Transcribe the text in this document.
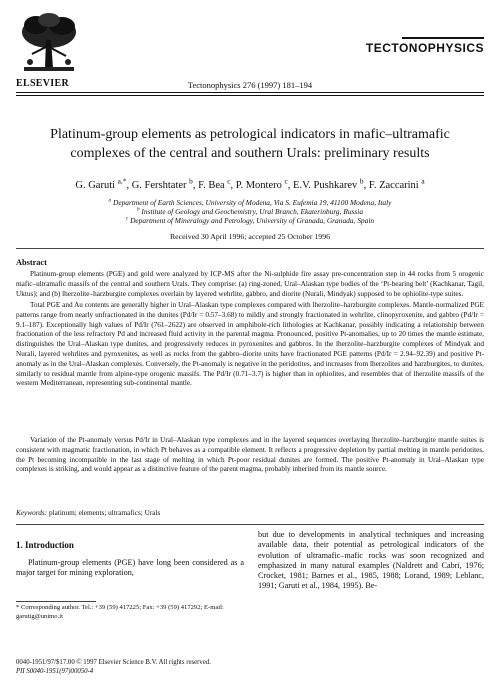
ELSEVIER	Tectonophysics 276 (1997) 181–194
TECTONOPHYSICS
Platinum-group elements as petrological indicators in mafic–ultramafic
complexes of the central and southern Urals: preliminary results
G. Garuti $^{a,*}$, G. Fershtater $^b$, F. Bea $^c$, P. Montero $^c$, E.V. Pushkarev $^b$, F. Zaccarini $^a$
$^a$ Department of Earth Sciences, University of Modena, Via S. Eufemia 19, 41100 Modena, Italy
$^b$ Institute of Geology and Geochemistry, Ural Branch, Ekaterinburg, Russia
$^c$ Department of Mineralogy and Petrology, University of Granada, Granada, Spain
Received 30 April 1996; accepted 25 October 1996
Abstract
Platinum-group elements (PGE) and gold were analyzed by ICP-MS after the Ni-sulphide fire assay pre-concentration step in 44 rocks from 5 orogenic mafic–ultramafic massifs of the central and southern Urals. They comprise: (a) ring-zoned, Ural–Alaskan type bodies of the ‘Pt-bearing belt’ (Kachkanar, Tagil, Uktus); and (b) lherzolite–harzburgite complexes overlain by layered wehrlite, gabbro, and diorite (Nurali, Mindyak) supposed to be ophiolite-type suites.
Total PGE and Au contents are generally higher in Ural–Alaskan type complexes compared with lherzolite–harzburgite complexes. Mantle-normalized PGE patterns range from nearly unfractionated in the dunites (Pd/Ir = 0.57–3.68) to mildly and strongly fractionated in wehrlite, clinopyroxenite, and gabbro (Pd/Ir = 9.1–187). Exceptionally high values of Pd/Ir (761–2622) are observed in amphibole-rich lithologies at Kachkanar, possibly indicating a relationship between fractionation of the less refractory Pd and increased fluid activity in the parental magma. Pronounced, positive Pt-anomalies, up to 20 times the mantle estimate, distinguishes the Ural–Alaskan type dunites, and progressively reduces in pyroxenites and gabbros. In the lherzolite–harzburgite complexes of Mindyak and Nurali, layered wehrlites and pyroxenites, as well as rocks from the gabbro–diorite units have fractionated PGE patterns (Pd/Ir = 2.94–92.39) and positive Pt-anomaly as in the Ural–Alaskan complexes. Conversely, the Pt-anomaly is negative in the peridotites, and increases from lherzolites and harzburgites, to dunites, similarly to residual mantle from alpine-type orogenic massifs. The Pd/Ir (0.71–3.7) is higher than in ophiolites, and resembles that of lherzolite massifs of the western Mediterranean, representing sub-continental mantle.
Variation of the Pt-anomaly versus Pd/Ir in Ural–Alaskan type complexes and in the layered sequences overlaying lherzolite–harzburgite mantle suites is consistent with magmatic fractionation, in which Pt behaves as a compatible element. It reflects a progressive depletion by partial melting in mantle peridotites, the Pt becoming incompatible in the last stage of melting in which Pt-poor residual dunites are formed. The positive Pt-anomaly in Ural–Alaskan type complexes is striking, and would appear as a distinctive feature of the parent magma, probably inherited from its mantle source.
Keywords: platinum; elements; ultramafics; Urals
1. Introduction
Platinum-group elements (PGE) have long been considered as a major target for mining exploration,
but due to developments in analytical techniques and increasing available data, their potential as petrological indicators of the evolution of ultramafic–mafic rocks was soon recognized and emphasized in many natural examples (Naldrett and Cabri, 1976; Crocket, 1981; Barnes et al., 1985, 1988; Lorand, 1989; Leblanc, 1991; Garuti et al., 1984, 1995). Be-
* Corresponding author. Tel.: +39 (59) 417225; Fax: +39 (59) 417292; E-mail: garutig@unimo.it
0040-1951/97/$17.00 © 1997 Elsevier Science B.V. All rights reserved.
PII S0040-1951(97)00050-4
